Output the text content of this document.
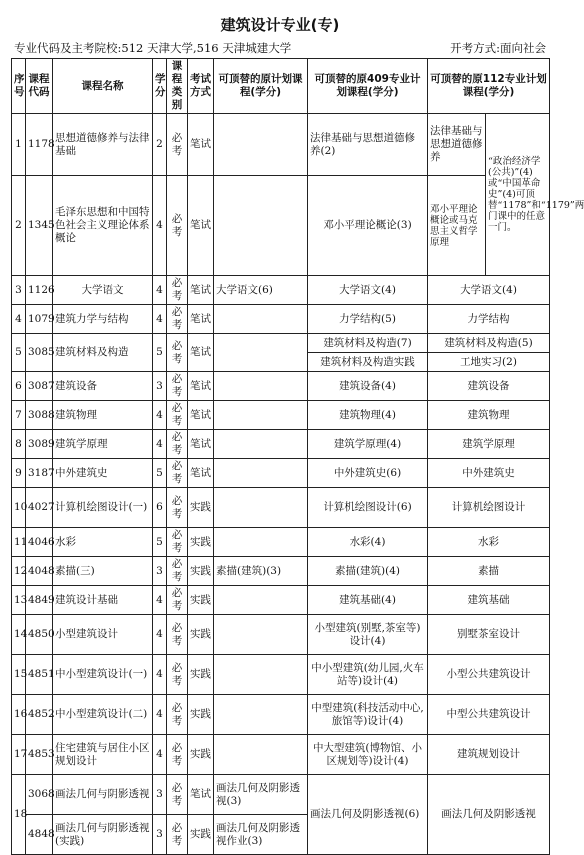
建筑设计专业(专)
专业代码及主考院校:512 天津大学,516 天津城建大学	开考方式:面向社会
序号	课程代码	课程名称	学分	课程类别	考试方式	可顶替的原计划课程(学分)	可顶替的原409专业计划课程(学分)	可顶替的原112专业计划课程(学分)	
1	1178	思想道德修养与法律基础	2	必考	笔试		法律基础与思想道德修养(2)	法律基础与思想道德修养	“政治经济学(公共)”(4)或“中国革命史”(4)可顶替“1178”和“1179”两门课中的任意一门。
2	1345	毛泽东思想和中国特色社会主义理论体系概论	4	必考	笔试		邓小平理论概论(3)	邓小平理论概论或马克思主义哲学原理	
3	1126	大学语文	4	必考	笔试	大学语文(6)	大学语文(4)	大学语文(4)	
4	1079	建筑力学与结构	4	必考	笔试		力学结构(5)	力学结构	
5	3085	建筑材料及构造	5	必考	笔试		建筑材料及构造(7)	建筑材料及构造(5)	
							建筑材料及构造实践	工地实习(2)	
6	3087	建筑设备	3	必考	笔试		建筑设备(4)	建筑设备	
7	3088	建筑物理	4	必考	笔试		建筑物理(4)	建筑物理	
8	3089	建筑学原理	4	必考	笔试		建筑学原理(4)	建筑学原理	
9	3187	中外建筑史	5	必考	笔试		中外建筑史(6)	中外建筑史	
10	4027	计算机绘图设计(一)	6	必考	实践		计算机绘图设计(6)	计算机绘图设计	
11	4046	水彩	5	必考	实践		水彩(4)	水彩	
12	4048	素描(三)	3	必考	实践	素描(建筑)(3)	素描(建筑)(4)	素描	
13	4849	建筑设计基础	4	必考	实践		建筑基础(4)	建筑基础	
14	4850	小型建筑设计	4	必考	实践		小型建筑(别墅,茶室等)设计(4)	别墅茶室设计	
15	4851	中小型建筑设计(一)	4	必考	实践		中小型建筑(幼儿园,火车站等)设计(4)	小型公共建筑设计	
16	4852	中小型建筑设计(二)	4	必考	实践		中型建筑(科技活动中心,旅馆等)设计(4)	中型公共建筑设计	
17	4853	住宅建筑与居住小区规划设计	4	必考	实践		中大型建筑(博物馆、小区规划等)设计(4)	建筑规划设计	
18	3068	画法几何与阴影透视	3	必考	笔试	画法几何及阴影透视(3)	画法几何及阴影透视(6)	画法几何及阴影透视	
	4848	画法几何与阴影透视(实践)	3	必考	实践	画法几何及阴影透视作业(3)			
